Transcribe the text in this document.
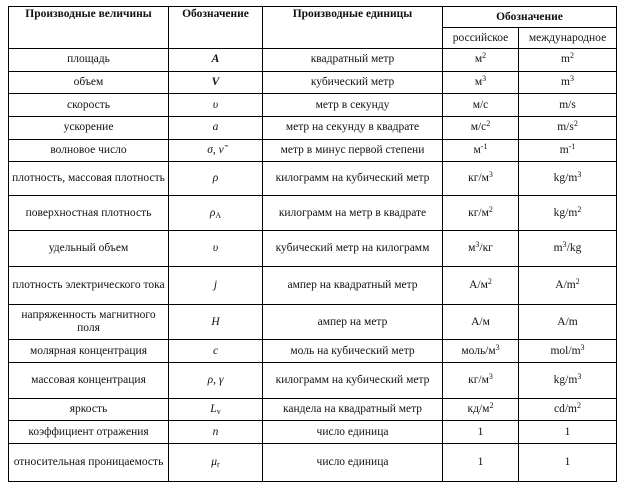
Производные величины	Обозначение	Производные единицы	Обозначение	
			российское	международное
площадь	A	квадратный метр	$м^2$	$m^2$
объем	V	кубический метр	$м^3$	$m^3$
скорость	υ	метр в секунду	м/с	m/s
ускорение	a	метр на секунду в квадрате	$м/с^2$	$m/s^2$
волновое число	σ, ν̃	метр в минус первой степени	$м^{-1}$	$m^{-1}$
плотность, массовая плотность	ρ	килограмм на кубический метр	$кг/м^3$	$kg/m^3$
поверхностная плотность	$\rho_A$	килограмм на метр в квадрате	$кг/м^2$	$kg/m^2$
удельный объем	υ	кубический метр на килограмм	$м^3/кг$	$m^3/kg$
плотность электрического тока	j	ампер на квадратный метр	$А/м^2$	$A/m^2$
напряженность магнитного поля	H	ампер на метр	А/м	A/m
молярная концентрация	c	моль на кубический метр	моль/$м^3$	mol/$m^3$
массовая концентрация	ρ, γ	килограмм на кубический метр	$кг/м^3$	$kg/m^3$
яркость	$L_v$	кандела на квадратный метр	$кд/м^2$	$cd/m^2$
коэффициент отражения	n	число единица	1	1
относительная проницаемость	$\mu_r$	число единица	1	1
